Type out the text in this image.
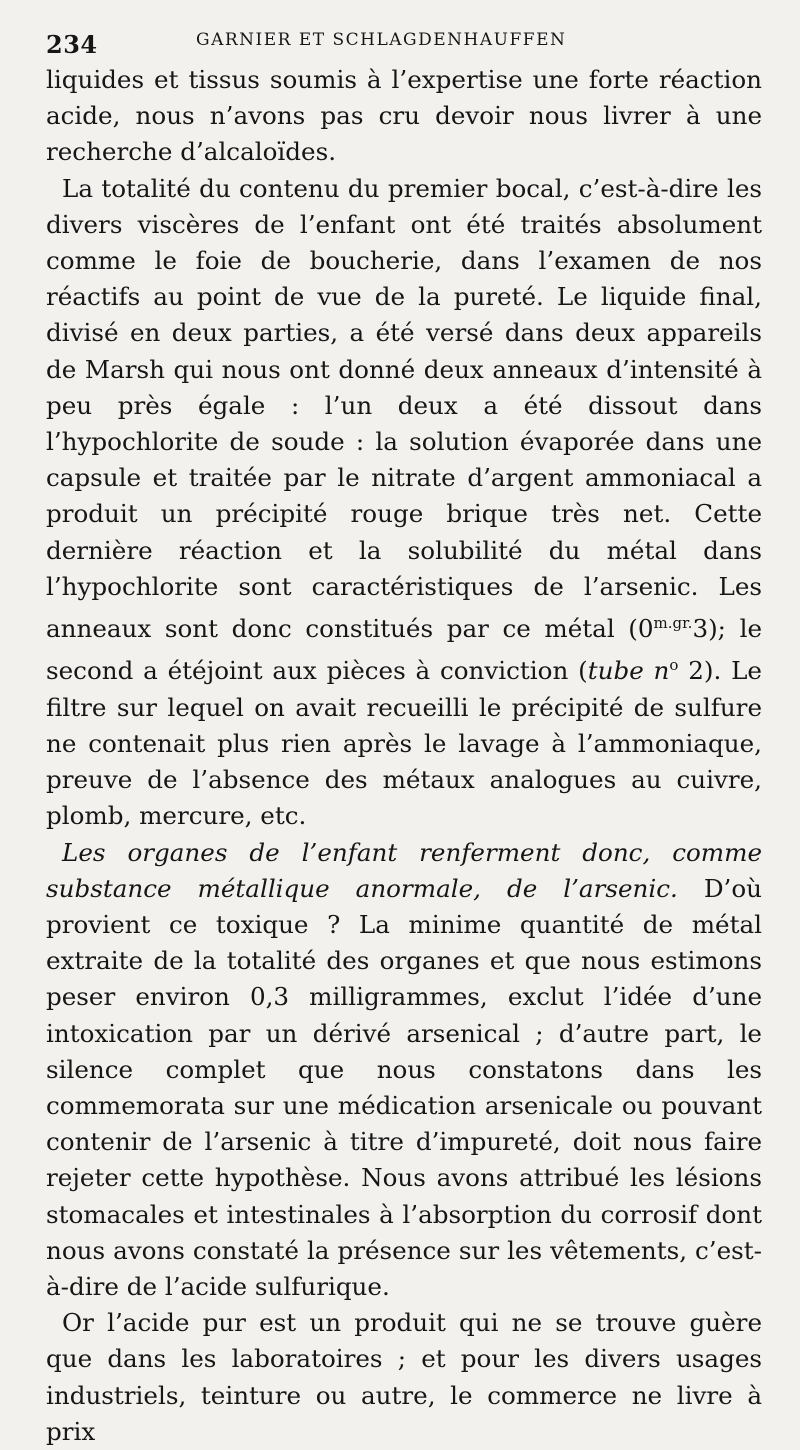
234	GARNIER ET SCHLAGDENHAUFFEN

liquides et tissus soumis à l’expertise une forte réaction acide, nous n’avons pas cru devoir nous livrer à une recherche d’alcaloïdes.

La totalité du contenu du premier bocal, c’est-à-dire les divers viscères de l’enfant ont été traités absolument comme le foie de boucherie, dans l’examen de nos réactifs au point de vue de la pureté. Le liquide final, divisé en deux parties, a été versé dans deux appareils de Marsh qui nous ont donné deux anneaux d’intensité à peu près égale : l’un deux a été dissout dans l’hypochlorite de soude : la solution évaporée dans une capsule et traitée par le nitrate d’argent ammoniacal a produit un précipité rouge brique très net. Cette dernière réaction et la solubilité du métal dans l’hypochlorite sont caractéristiques de l’arsenic. Les anneaux sont donc constitués par ce métal $(0^{m.gr.}3)$; le second a étéjoint aux pièces à conviction (tube $n^o$ 2). Le filtre sur lequel on avait recueilli le précipité de sulfure ne contenait plus rien après le lavage à l’ammoniaque, preuve de l’absence des métaux analogues au cuivre, plomb, mercure, etc.

Les organes de l’enfant renferment donc, comme substance métallique anormale, de l’arsenic. D’où provient ce toxique ? La minime quantité de métal extraite de la totalité des organes et que nous estimons peser environ 0,3 milligrammes, exclut l’idée d’une intoxication par un dérivé arsenical ; d’autre part, le silence complet que nous constatons dans les commemorata sur une médication arsenicale ou pouvant contenir de l’arsenic à titre d’impureté, doit nous faire rejeter cette hypothèse. Nous avons attribué les lésions stomacales et intestinales à l’absorption du corrosif dont nous avons constaté la présence sur les vêtements, c’est-à-dire de l’acide sulfurique.

Or l’acide pur est un produit qui ne se trouve guère que dans les laboratoires ; et pour les divers usages industriels, teinture ou autre, le commerce ne livre à prix
